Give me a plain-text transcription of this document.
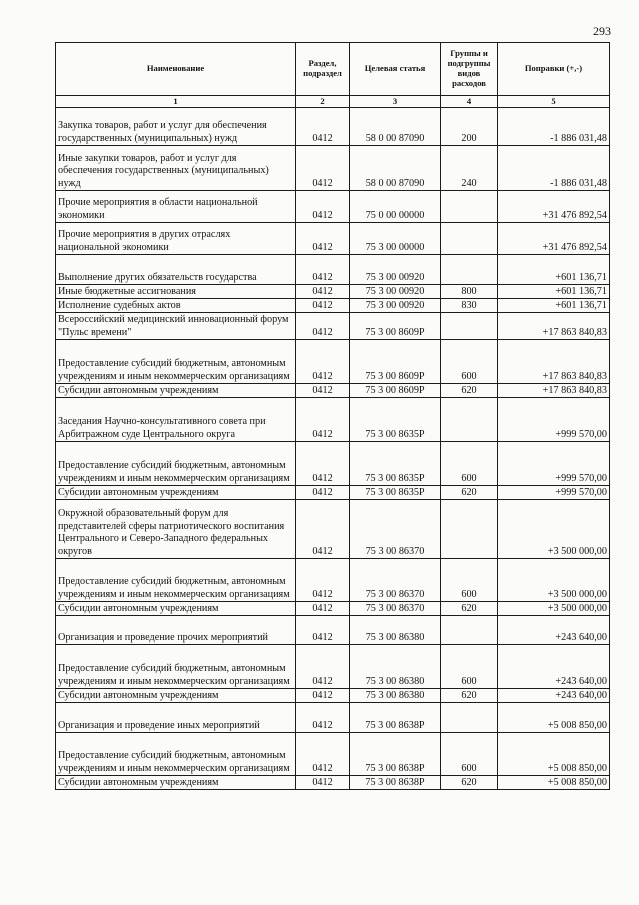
293
Наименование	Раздел, подраздел	Целевая статья	Группы и подгруппы видов расходов	Поправки (+,-)
1	2	3	4	5
Закупка товаров, работ и услуг для обеспечения государственных (муниципальных) нужд	0412	58 0 00 87090	200	-1 886 031,48
Иные закупки товаров, работ и услуг для обеспечения государственных (муниципальных) нужд	0412	58 0 00 87090	240	-1 886 031,48
Прочие мероприятия в области национальной экономики	0412	75 0 00 00000		+31 476 892,54
Прочие мероприятия в других отраслях национальной экономики	0412	75 3 00 00000		+31 476 892,54
Выполнение других обязательств государства	0412	75 3 00 00920		+601 136,71
Иные бюджетные ассигнования	0412	75 3 00 00920	800	+601 136,71
Исполнение судебных актов	0412	75 3 00 00920	830	+601 136,71
Всероссийский медицинский инновационный форум "Пульс времени"	0412	75 3 00 8609Р		+17 863 840,83
Предоставление субсидий бюджетным, автономным учреждениям и иным некоммерческим организациям	0412	75 3 00 8609Р	600	+17 863 840,83
Субсидии автономным учреждениям	0412	75 3 00 8609Р	620	+17 863 840,83
Заседания Научно-консультативного совета при Арбитражном суде Центрального округа	0412	75 3 00 8635Р		+999 570,00
Предоставление субсидий бюджетным, автономным учреждениям и иным некоммерческим организациям	0412	75 3 00 8635Р	600	+999 570,00
Субсидии автономным учреждениям	0412	75 3 00 8635Р	620	+999 570,00
Окружной образовательный форум для представителей сферы патриотического воспитания Центрального и Северо-Западного федеральных округов	0412	75 3 00 86370		+3 500 000,00
Предоставление субсидий бюджетным, автономным учреждениям и иным некоммерческим организациям	0412	75 3 00 86370	600	+3 500 000,00
Субсидии автономным учреждениям	0412	75 3 00 86370	620	+3 500 000,00
Организация и проведение прочих мероприятий	0412	75 3 00 86380		+243 640,00
Предоставление субсидий бюджетным, автономным учреждениям и иным некоммерческим организациям	0412	75 3 00 86380	600	+243 640,00
Субсидии автономным учреждениям	0412	75 3 00 86380	620	+243 640,00
Организация и проведение иных мероприятий	0412	75 3 00 8638Р		+5 008 850,00
Предоставление субсидий бюджетным, автономным учреждениям и иным некоммерческим организациям	0412	75 3 00 8638Р	600	+5 008 850,00
Субсидии автономным учреждениям	0412	75 3 00 8638Р	620	+5 008 850,00
